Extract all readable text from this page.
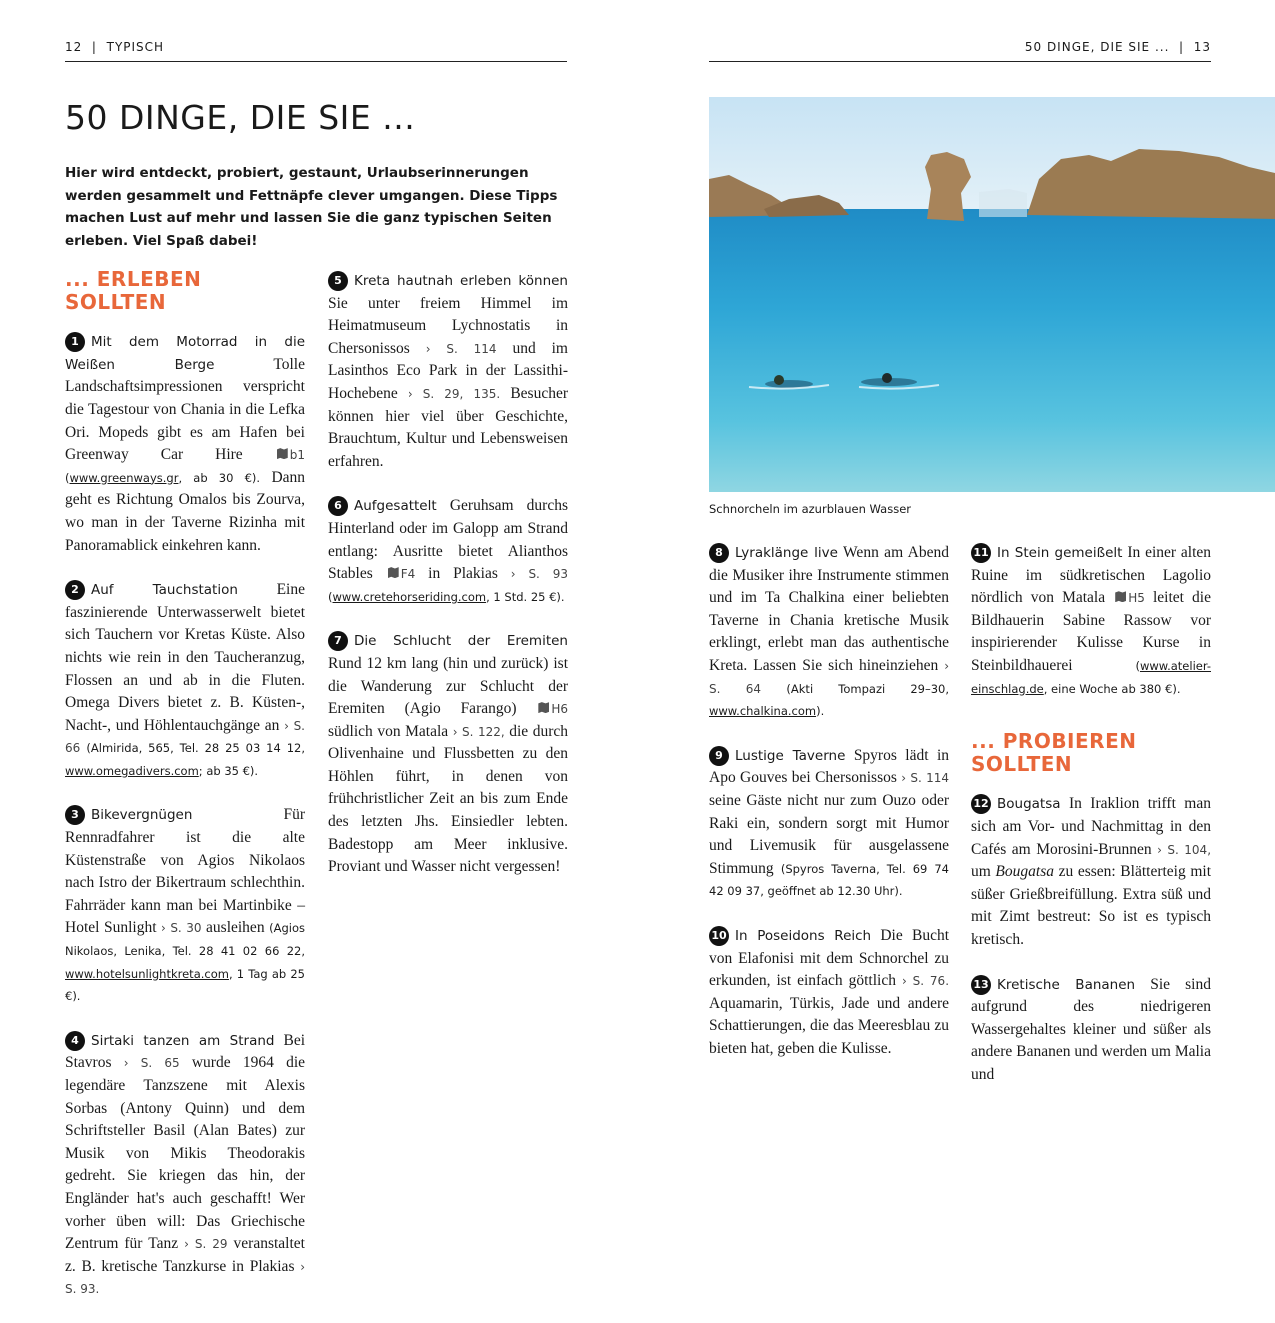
12  |  TYPISCH	50 DINGE, DIE SIE ...  |  13
50 DINGE, DIE SIE ...

Hier wird entdeckt, probiert, gestaunt, Urlaubserinnerungen werden gesammelt und Fettnäpfe clever umgangen. Diese Tipps machen Lust auf mehr und lassen Sie die ganz typischen Seiten erleben. Viel Spaß dabei!

... ERLEBEN SOLLTEN
1 Mit dem Motorrad in die Weißen Berge	Tolle Landschaftsimpressionen verspricht die Tagestour von Chania in die Lefka Ori. Mopeds gibt es am Hafen bei Greenway Car Hire	b1 (www.greenways.gr, ab 30 €). Dann geht es Richtung Omalos bis Zourva, wo man in der Taverne Rizinha mit Panoramablick einkehren kann.
2 Auf Tauchstation Eine faszinierende Unterwasserwelt bietet sich Tauchern vor Kretas Küste. Also nichts wie rein in den Taucheranzug, Flossen an und ab in die Fluten. Omega Divers bietet z. B. Küsten-, Nacht-, und Höhlentauchgänge an › S. 66 (Almirida, 565, Tel. 28 25 03 14 12, www.omegadivers.com; ab 35 €).
3 Bikevergnügen	Für Rennradfahrer ist die alte Küstenstraße von Agios Nikolaos nach Istro der Bikertraum schlechthin. Fahrräder kann man bei Martinbike – Hotel Sunlight › S. 30 ausleihen (Agios Nikolaos, Lenika, Tel. 28 41 02 66 22, www.hotelsunlightkreta.com, 1 Tag ab 25 €).
4 Sirtaki tanzen am Strand Bei Stavros › S. 65 wurde 1964 die legendäre Tanzszene mit Alexis Sorbas (Antony Quinn) und dem Schriftsteller Basil (Alan Bates) zur Musik von Mikis Theodorakis gedreht. Sie kriegen das hin, der Engländer hat's auch geschafft! Wer vorher üben will: Das Griechische Zentrum für Tanz › S. 29 veranstaltet z. B. kretische Tanzkurse in Plakias › S. 93.
Schnorcheln im azurblauen Wasser
8 Lyraklänge live Wenn am Abend die Musiker ihre Instrumente stimmen und im Ta Chalkina einer beliebten Taverne in Chania kretische Musik erklingt, erlebt man das authentische Kreta. Lassen Sie sich hineinziehen › S. 64 (Akti Tompazi 29–30, www.chalkina.com).
9 Lustige Taverne Spyros lädt in Apo Gouves bei Chersonissos › S. 114 seine Gäste nicht nur zum Ouzo oder Raki ein, sondern sorgt mit Humor und Livemusik für ausgelassene Stimmung (Spyros Taverna, Tel. 69 74 42 09 37, geöffnet ab 12.30 Uhr).
10 In Poseidons Reich Die Bucht von Elafonisi mit dem Schnorchel zu erkunden, ist einfach göttlich › S. 76. Aquamarin, Türkis, Jade und andere Schattierungen, die das Meeresblau zu bieten hat, geben die Kulisse.
11 In Stein gemeißelt In einer alten Ruine im südkretischen Lagolio nördlich von Matala H5 leitet die Bildhauerin Sabine Rassow vor inspirierender Kulisse Kurse in Steinbildhauerei	(www.atelier-einschlag.de, eine Woche ab 380 €).
... PROBIEREN SOLLTEN
12 Bougatsa In Iraklion trifft man sich am Vor- und Nachmittag in den Cafés am Morosini-Brunnen › S. 104, um Bougatsa zu essen: Blätterteig mit süßer Grießbreifüllung. Extra süß und mit Zimt bestreut: So ist es typisch kretisch.
13 Kretische Bananen Sie sind aufgrund des niedrigeren Wassergehaltes kleiner und süßer als andere Bananen und werden um Malia und
5 Kreta hautnah erleben können Sie unter freiem Himmel im Heimatmuseum Lychnostatis in Chersonissos › S. 114 und im Lasinthos Eco Park in der Lassithi-Hochebene › S. 29, 135. Besucher können hier viel über Geschichte, Brauchtum, Kultur und Lebensweisen erfahren.
6 Aufgesattelt Geruhsam durchs Hinterland oder im Galopp am Strand entlang: Ausritte bietet Alianthos Stables F4 in Plakias › S. 93 (www.cretehorseriding.com, 1 Std. 25 €).
7 Die Schlucht der Eremiten Rund 12 km lang (hin und zurück) ist die Wanderung zur Schlucht der Eremiten (Agio Farango)	H6 südlich von Matala › S. 122, die durch Olivenhaine und Flussbetten zu den Höhlen führt, in denen von frühchristlicher Zeit an bis zum Ende des letzten Jhs. Einsiedler lebten. Badestopp am Meer inklusive. Proviant und Wasser nicht vergessen!
